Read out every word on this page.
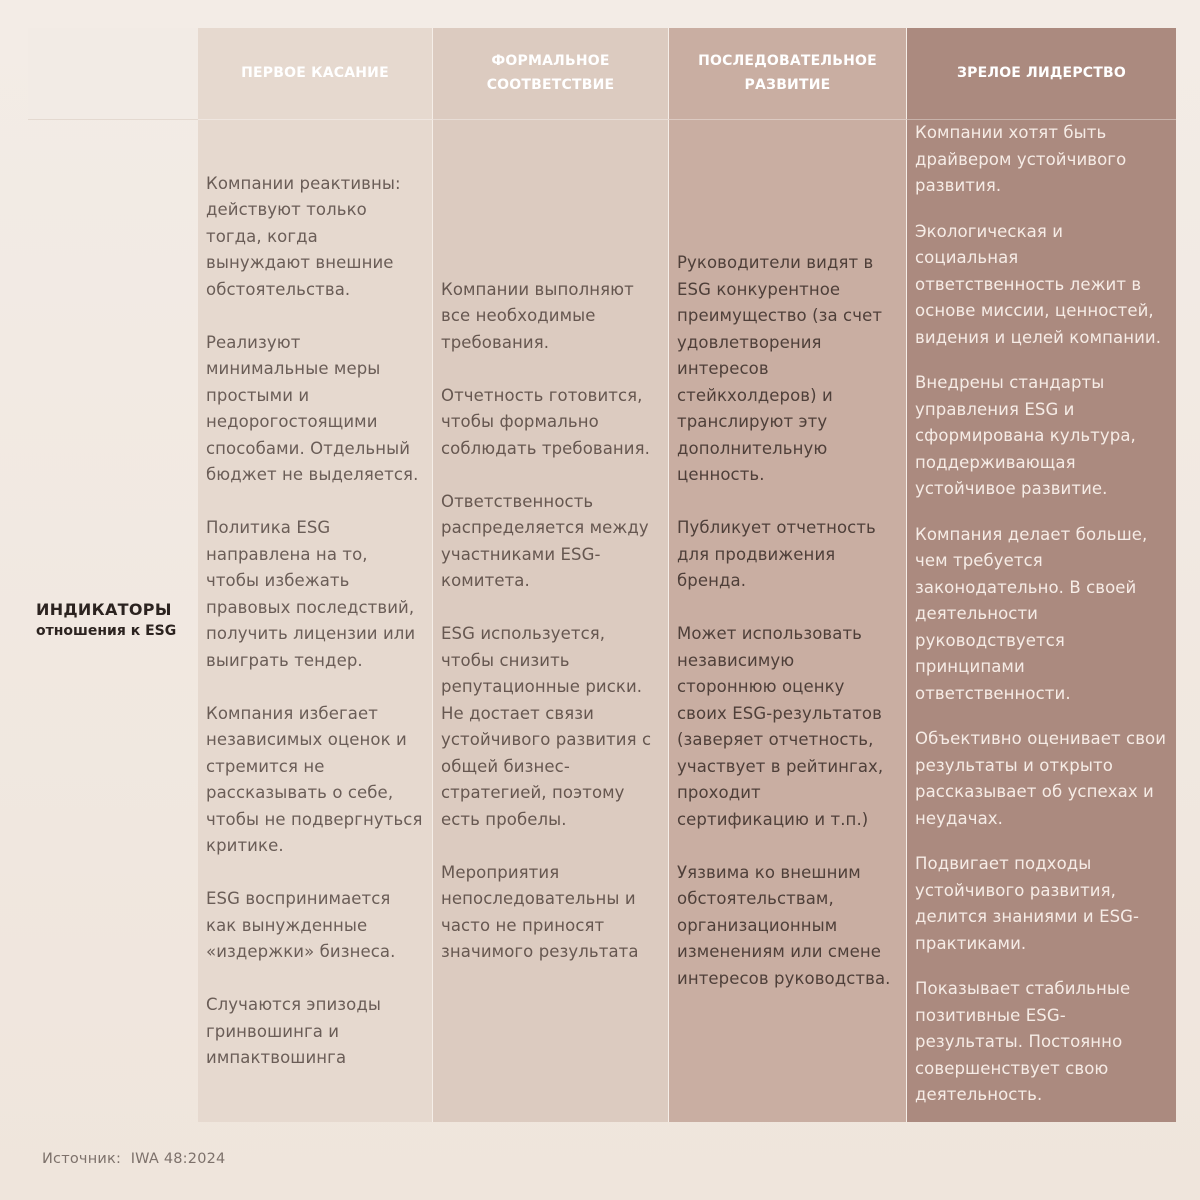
ПЕРВОЕ КАСАНИЕ
ФОРМАЛЬНОЕ
СООТВЕТСТВИЕ
ПОСЛЕДОВАТЕЛЬНОЕ
РАЗВИТИЕ
ЗРЕЛОЕ ЛИДЕРСТВО
ИНДИКАТОРЫ
отношения к ESG

Компании реактивны: действуют только тогда, когда вынуждают внешние обстоятельства.

Реализуют минимальные меры простыми и недорогостоящими способами. Отдельный бюджет не выделяется.

Политика ESG направлена на то, чтобы избежать правовых последствий, получить лицензии или выиграть тендер.

Компания избегает независимых оценок и стремится не рассказывать о себе, чтобы не подвергнуться критике.

ESG воспринимается как вынужденные «издержки» бизнеса.

Случаются эпизоды гринвошинга и импактвошинга

Компании выполняют все необходимые требования.

Отчетность готовится, чтобы формально соблюдать требования.

Ответственность распределяется между участниками ESG-комитета.

ESG используется, чтобы снизить репутационные риски. Не достает связи устойчивого развития с общей бизнес-стратегией, поэтому есть пробелы.

Мероприятия непоследовательны и часто не приносят значимого результата

Руководители видят в ESG конкурентное преимущество (за счет удовлетворения интересов стейкхолдеров) и транслируют эту дополнительную ценность.

Публикует отчетность для продвижения бренда.

Может использовать независимую стороннюю оценку своих ESG-результатов (заверяет отчетность, участвует в рейтингах, проходит сертификацию и т.п.)

Уязвима ко внешним обстоятельствам, организационным изменениям или смене интересов руководства.

Компании хотят быть драйвером устойчивого развития.

Экологическая и социальная ответственность лежит в основе миссии, ценностей, видения и целей компании.

Внедрены стандарты управления ESG и сформирована культура, поддерживающая устойчивое развитие.

Компания делает больше, чем требуется законодательно. В своей деятельности руководствуется принципами ответственности.

Объективно оценивает свои результаты и открыто рассказывает об успехах и неудачах.

Подвигает подходы устойчивого развития, делится знаниями и ESG-практиками.

Показывает стабильные позитивные ESG-результаты. Постоянно совершенствует свою деятельность.

Источник: IWA 48:2024
